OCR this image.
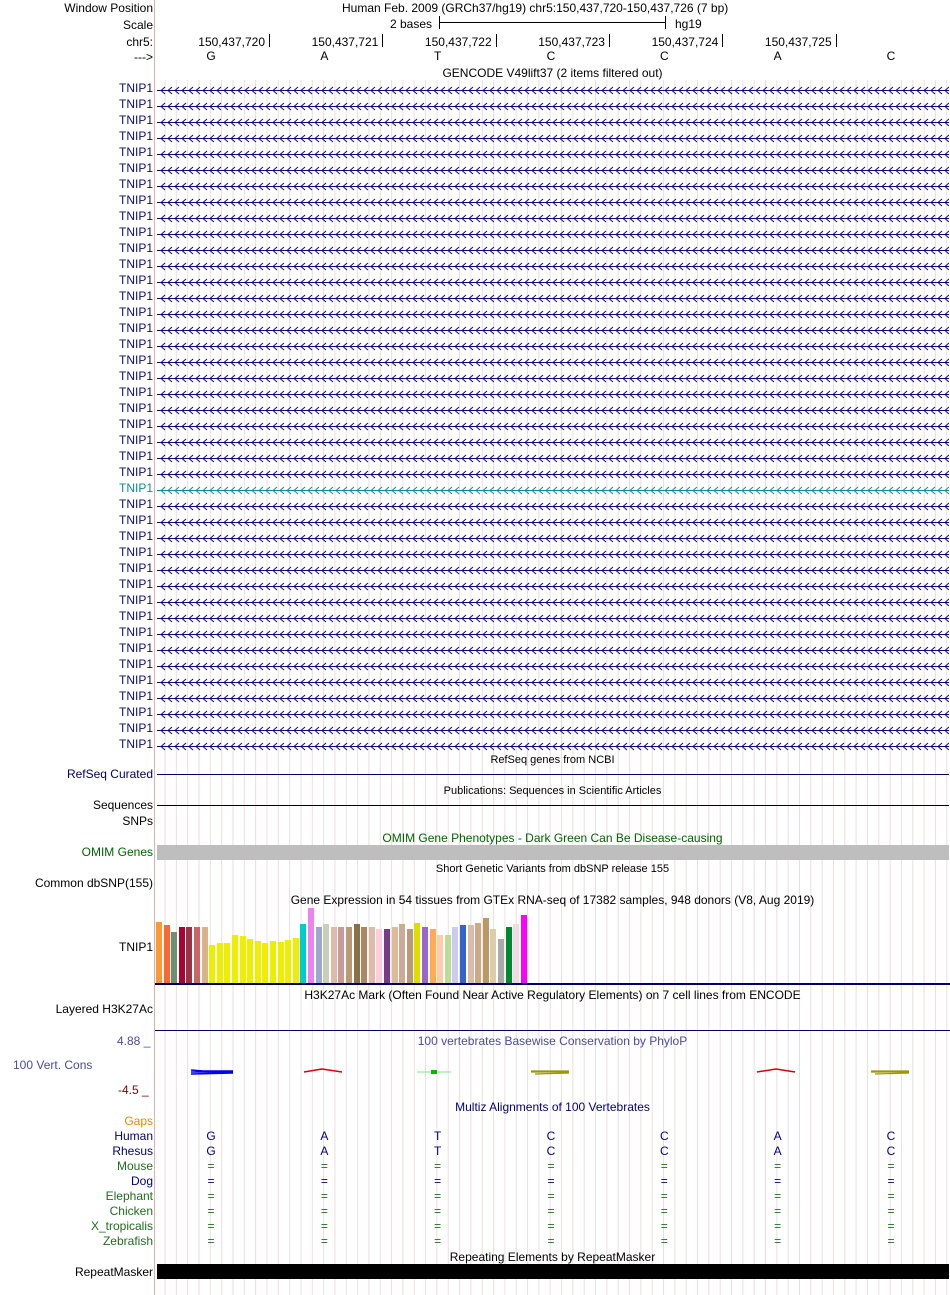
Window Position	Human Feb. 2009 (GRCh37/hg19) chr5:150,437,720-150,437,726 (7 bp)
Scale	2 bases	hg19
chr5:	150,437,720	150,437,721	150,437,722	150,437,723	150,437,724	150,437,725
--->	G	A	T	C	C	A	C
GENCODE V49lift37 (2 items filtered out)
TNIP1
TNIP1
TNIP1
TNIP1
TNIP1
TNIP1
TNIP1
TNIP1
TNIP1
TNIP1
TNIP1
TNIP1
TNIP1
TNIP1
TNIP1
TNIP1
TNIP1
TNIP1
TNIP1
TNIP1
TNIP1
TNIP1
TNIP1
TNIP1
TNIP1
TNIP1
TNIP1
TNIP1
TNIP1
TNIP1
TNIP1
TNIP1
TNIP1
TNIP1
TNIP1
TNIP1
TNIP1
TNIP1
TNIP1
TNIP1
TNIP1
TNIP1
RefSeq genes from NCBI
RefSeq Curated
Publications: Sequences in Scientific Articles
Sequences
SNPs
OMIM Gene Phenotypes - Dark Green Can Be Disease-causing
OMIM Genes
Short Genetic Variants from dbSNP release 155
Common dbSNP(155)
Gene Expression in 54 tissues from GTEx RNA-seq of 17382 samples, 948 donors (V8, Aug 2019)
TNIP1
H3K27Ac Mark (Often Found Near Active Regulatory Elements) on 7 cell lines from ENCODE
Layered H3K27Ac
100 vertebrates Basewise Conservation by PhyloP
4.88 _
100 Vert. Cons
-4.5 _
Multiz Alignments of 100 Vertebrates
Gaps
Human	G	A	T	C	C	A	C
Rhesus	G	A	T	C	C	A	C
Mouse	=	=	=	=	=	=	=
Dog	=	=	=	=	=	=	=
Elephant	=	=	=	=	=	=	=
Chicken	=	=	=	=	=	=	=
X_tropicalis	=	=	=	=	=	=	=
Zebrafish	=	=	=	=	=	=	=
Repeating Elements by RepeatMasker
RepeatMasker
